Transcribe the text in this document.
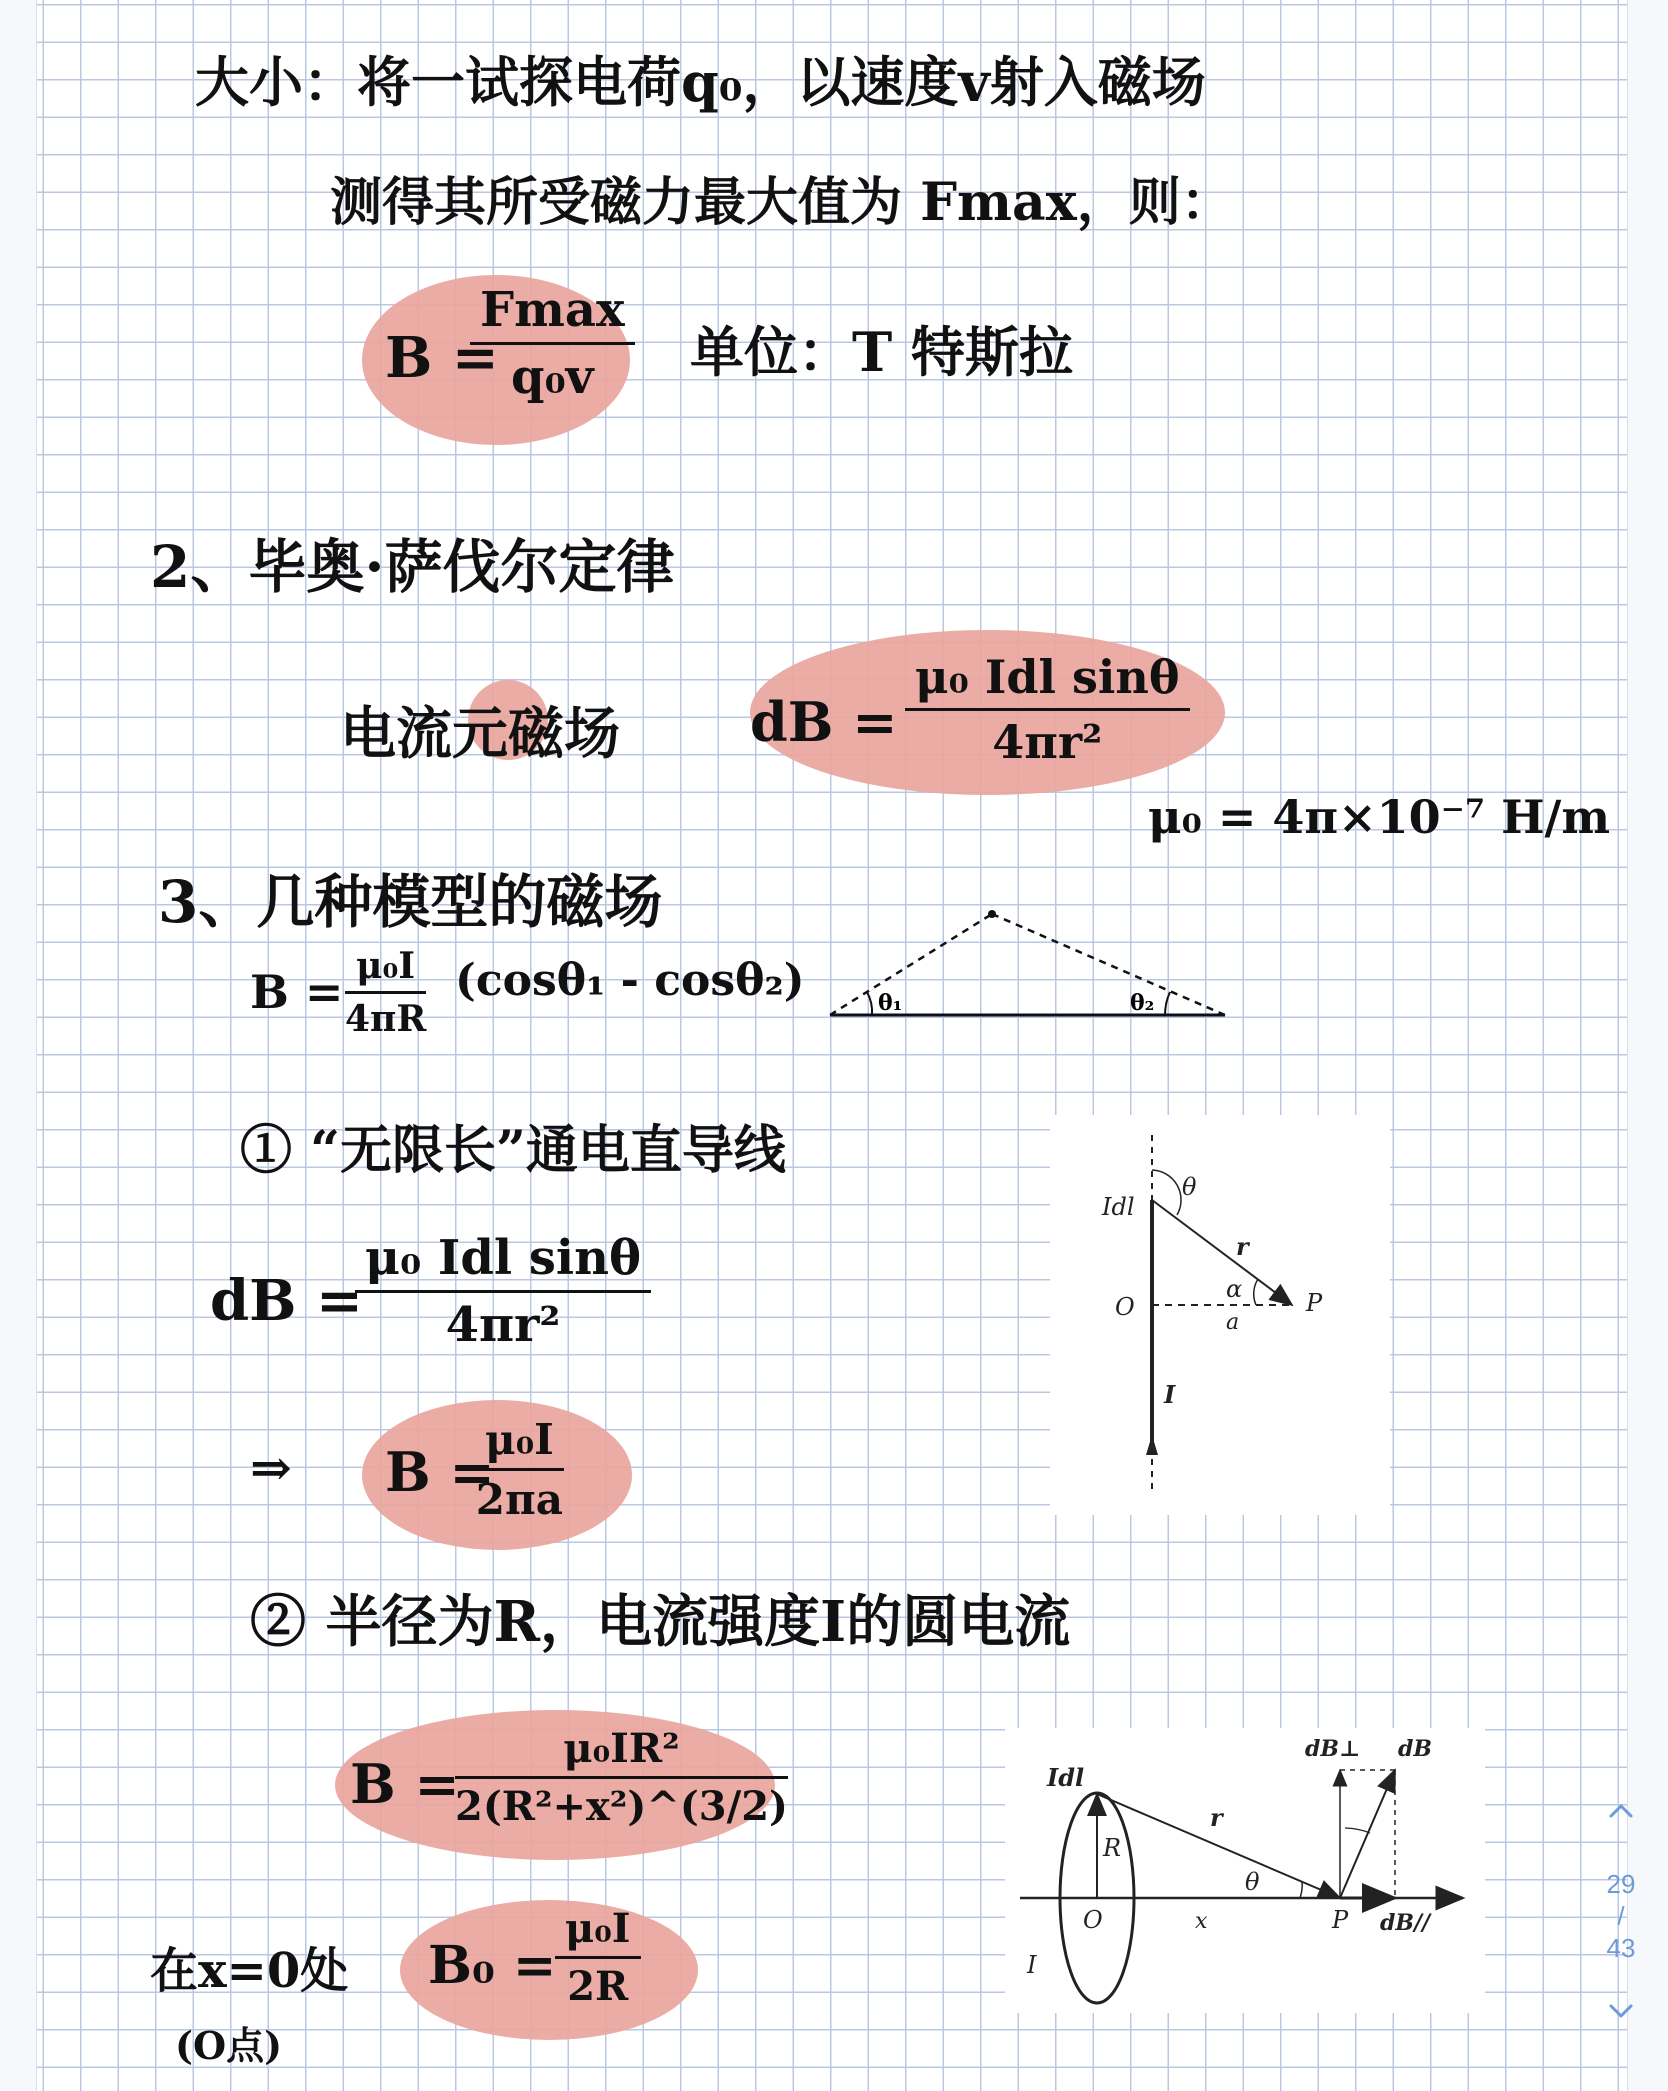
大小：将一试探电荷q₀，以速度v射入磁场
测得其所受磁力最大值为 Fmax，则：
B =
Fmax
q₀v	单位：T 特斯拉
2、毕奥·萨伐尔定律
电流元磁场 dB =
μ₀ Idl sinθ
4πr²
μ₀ = 4π×10⁻⁷ H/m
3、几种模型的磁场
$B = \frac{\text{μ₀I}}{4\pi R} (\cos\theta_1 - \cos\theta_2)$	θ₁	θ₂
① “无限长”通电直导线
dB =
μ₀ Idl sinθ
4πr²
⇒ B =
$\frac{\text{μ₀I}}{2\pi a}$
Idl
θ
r
α	P
O
a
I
② 半径为R，电流强度I的圆电流
B =
$\frac{\text{μ₀IR²}}{\text{2(R²+x²)\textasciicircum{}(3/2)}}$
在x=0处
(O点)
B₀ =
$\frac{\text{μ₀I}}{2R}$
Idl
dB⊥ dB
r
R
θ
O	x	P dB//
I
29
/
43
